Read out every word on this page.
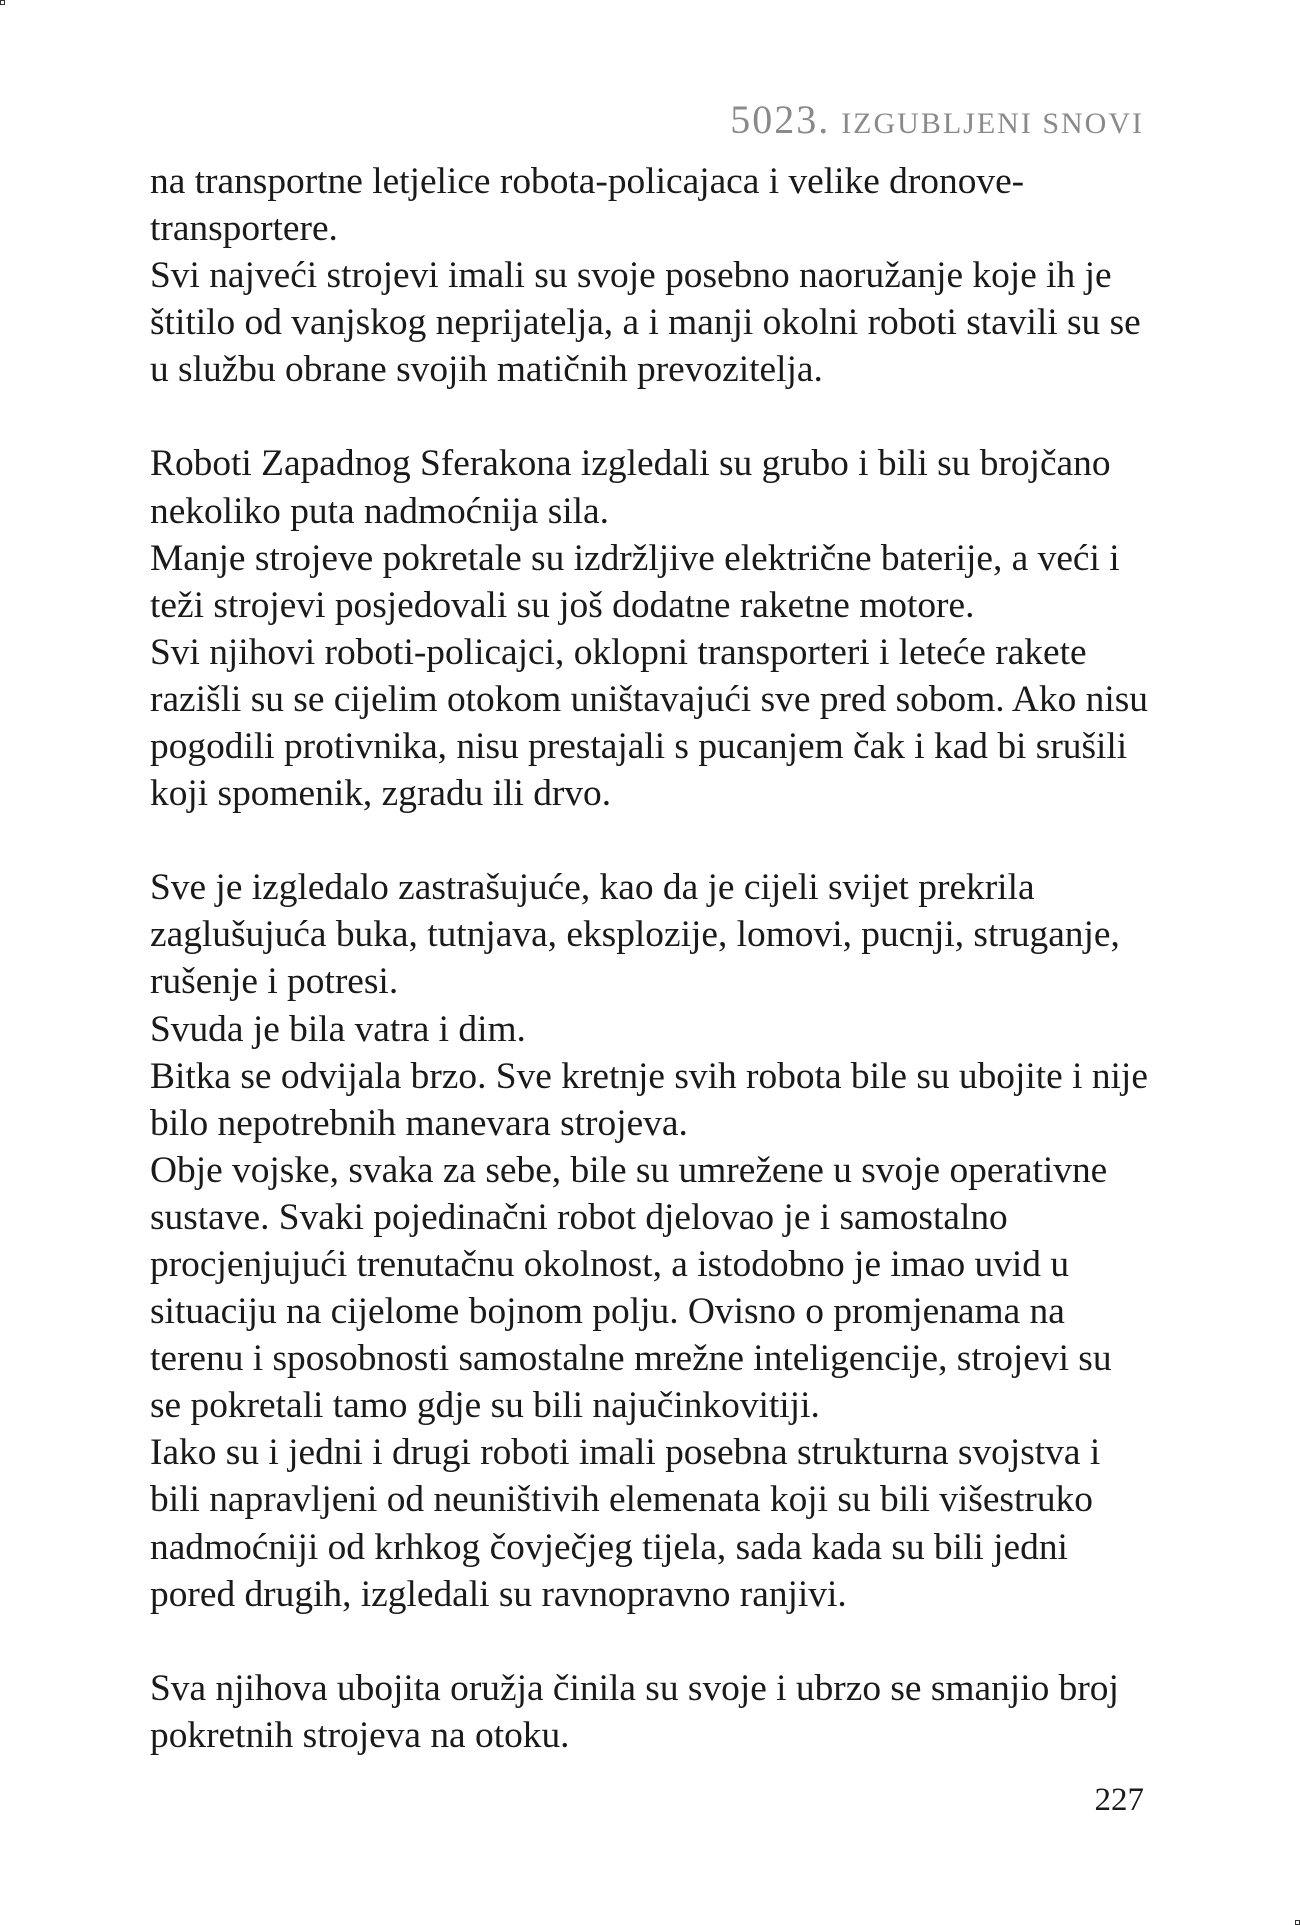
5023. IZGUBLJENI SNOVI

na transportne letjelice robota-policajaca i velike dronove-transportere.

Svi najveći strojevi imali su svoje posebno naoružanje koje ih je štitilo od vanjskog neprijatelja, a i manji okolni roboti stavili su se u službu obrane svojih matičnih prevozitelja.

Roboti Zapadnog Sferakona izgledali su grubo i bili su brojčano nekoliko puta nadmoćnija sila.

Manje strojeve pokretale su izdržljive električne baterije, a veći i teži strojevi posjedovali su još dodatne raketne motore.

Svi njihovi roboti-policajci, oklopni transporteri i leteće rakete razišli su se cijelim otokom uništavajući sve pred sobom. Ako nisu pogodili protivnika, nisu prestajali s pucanjem čak i kad bi srušili koji spomenik, zgradu ili drvo.

Sve je izgledalo zastrašujuće, kao da je cijeli svijet prekrila zaglušujuća buka, tutnjava, eksplozije, lomovi, pucnji, struganje, rušenje i potresi.

Svuda je bila vatra i dim.

Bitka se odvijala brzo. Sve kretnje svih robota bile su ubojite i nije bilo nepotrebnih manevara strojeva.

Obje vojske, svaka za sebe, bile su umrežene u svoje operativne sustave. Svaki pojedinačni robot djelovao je i samostalno procjenjujući trenutačnu okolnost, a istodobno je imao uvid u situaciju na cijelome bojnom polju. Ovisno o promjenama na terenu i sposobnosti samostalne mrežne inteligencije, strojevi su se pokretali tamo gdje su bili najučinkovitiji.

Iako su i jedni i drugi roboti imali posebna strukturna svojstva i bili napravljeni od neuništivih elemenata koji su bili višestruko nadmoćniji od krhkog čovječjeg tijela, sada kada su bili jedni pored drugih, izgledali su ravnopravno ranjivi.

Sva njihova ubojita oružja činila su svoje i ubrzo se smanjio broj pokretnih strojeva na otoku.

227
